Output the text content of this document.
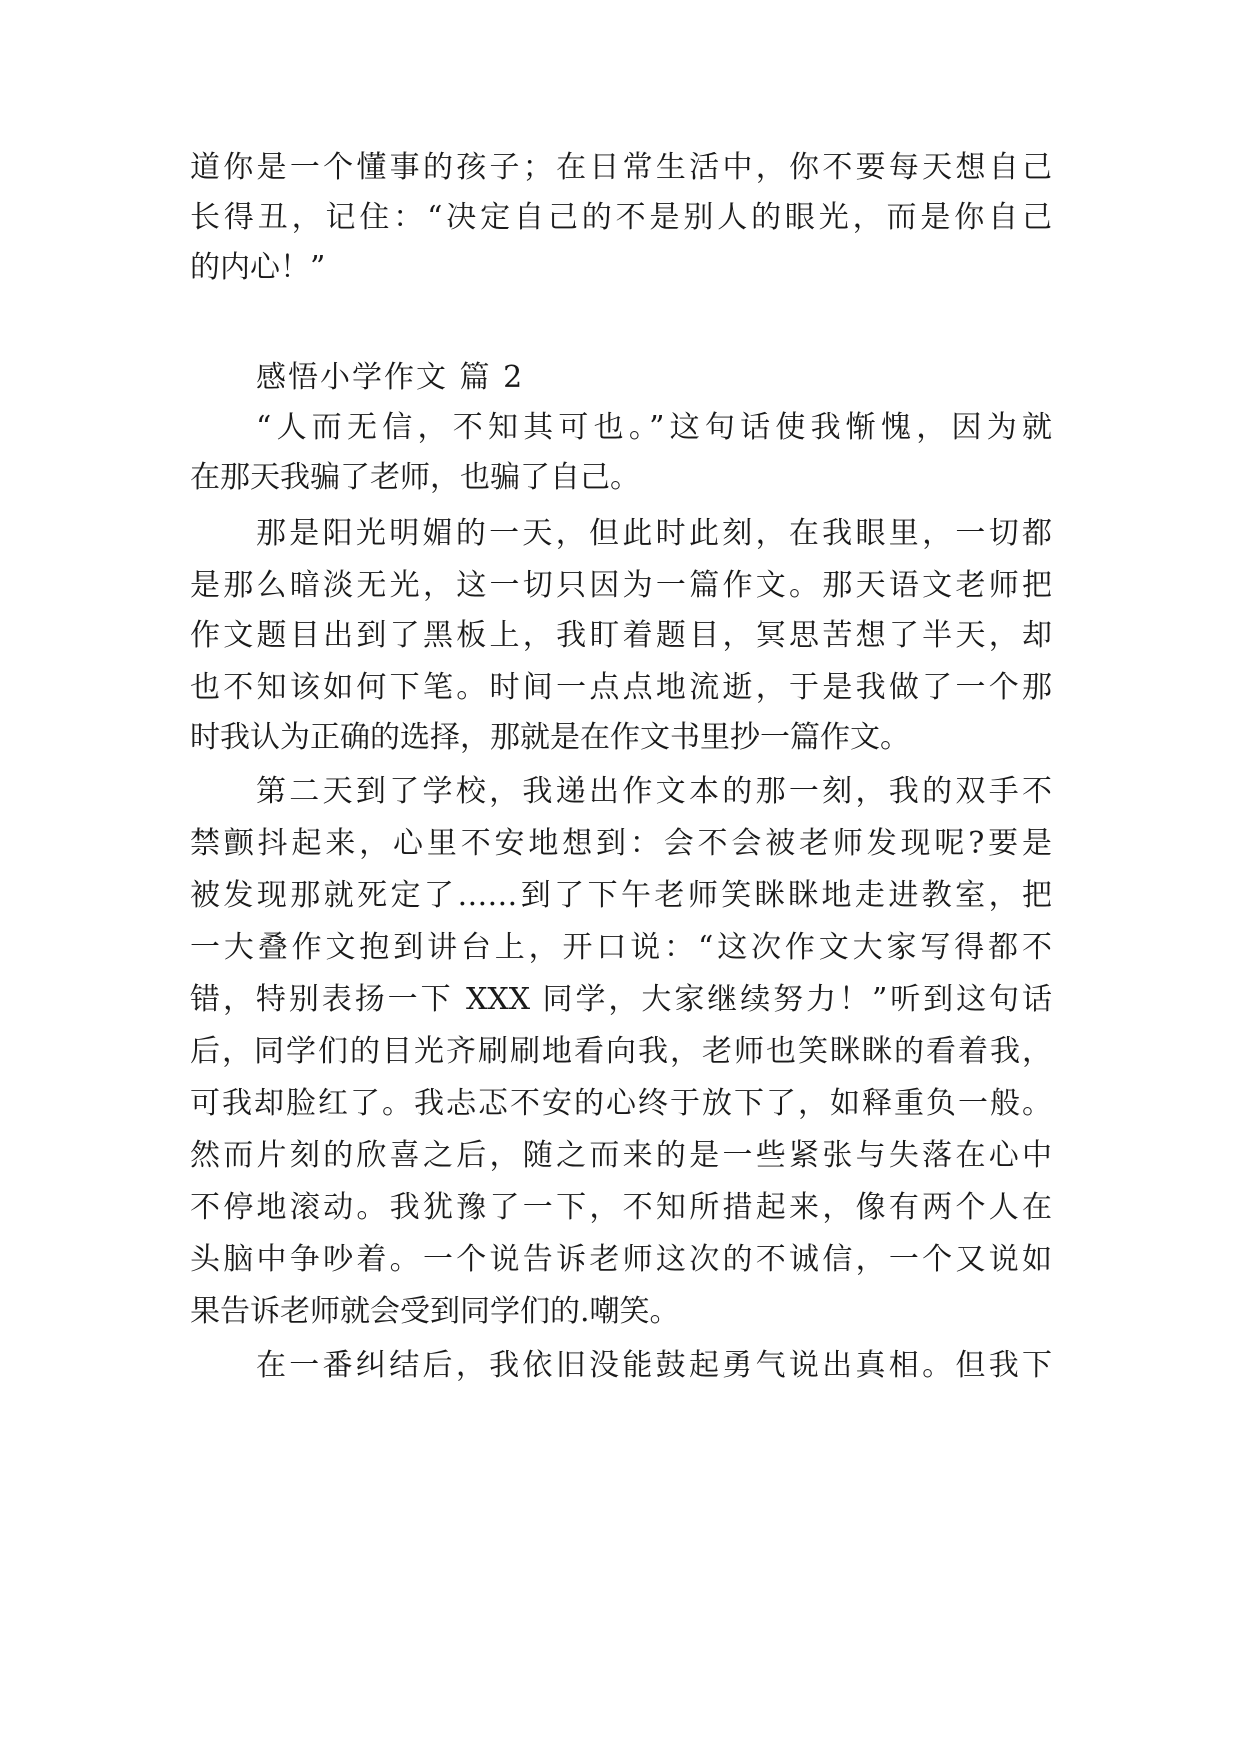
道你是一个懂事的孩子；在日常生活中，你不要每天想自己
长得丑，记住：“决定自己的不是别人的眼光，而是你自己
的内心！”
感悟小学作文 篇 2
“人而无信，不知其可也。”这句话使我惭愧，因为就
在那天我骗了老师，也骗了自己。
那是阳光明媚的一天，但此时此刻，在我眼里，一切都
是那么暗淡无光，这一切只因为一篇作文。那天语文老师把
作文题目出到了黑板上，我盯着题目，冥思苦想了半天，却
也不知该如何下笔。时间一点点地流逝，于是我做了一个那
时我认为正确的选择，那就是在作文书里抄一篇作文。
第二天到了学校，我递出作文本的那一刻，我的双手不
禁颤抖起来，心里不安地想到：会不会被老师发现呢?要是
被发现那就死定了……到了下午老师笑眯眯地走进教室，把
一大叠作文抱到讲台上，开口说：“这次作文大家写得都不
错，特别表扬一下 XXX 同学，大家继续努力！”听到这句话
后，同学们的目光齐刷刷地看向我，老师也笑眯眯的看着我，
可我却脸红了。我忐忑不安的心终于放下了，如释重负一般。
然而片刻的欣喜之后，随之而来的是一些紧张与失落在心中
不停地滚动。我犹豫了一下，不知所措起来，像有两个人在
头脑中争吵着。一个说告诉老师这次的不诚信，一个又说如
果告诉老师就会受到同学们的.嘲笑。
在一番纠结后，我依旧没能鼓起勇气说出真相。但我下
